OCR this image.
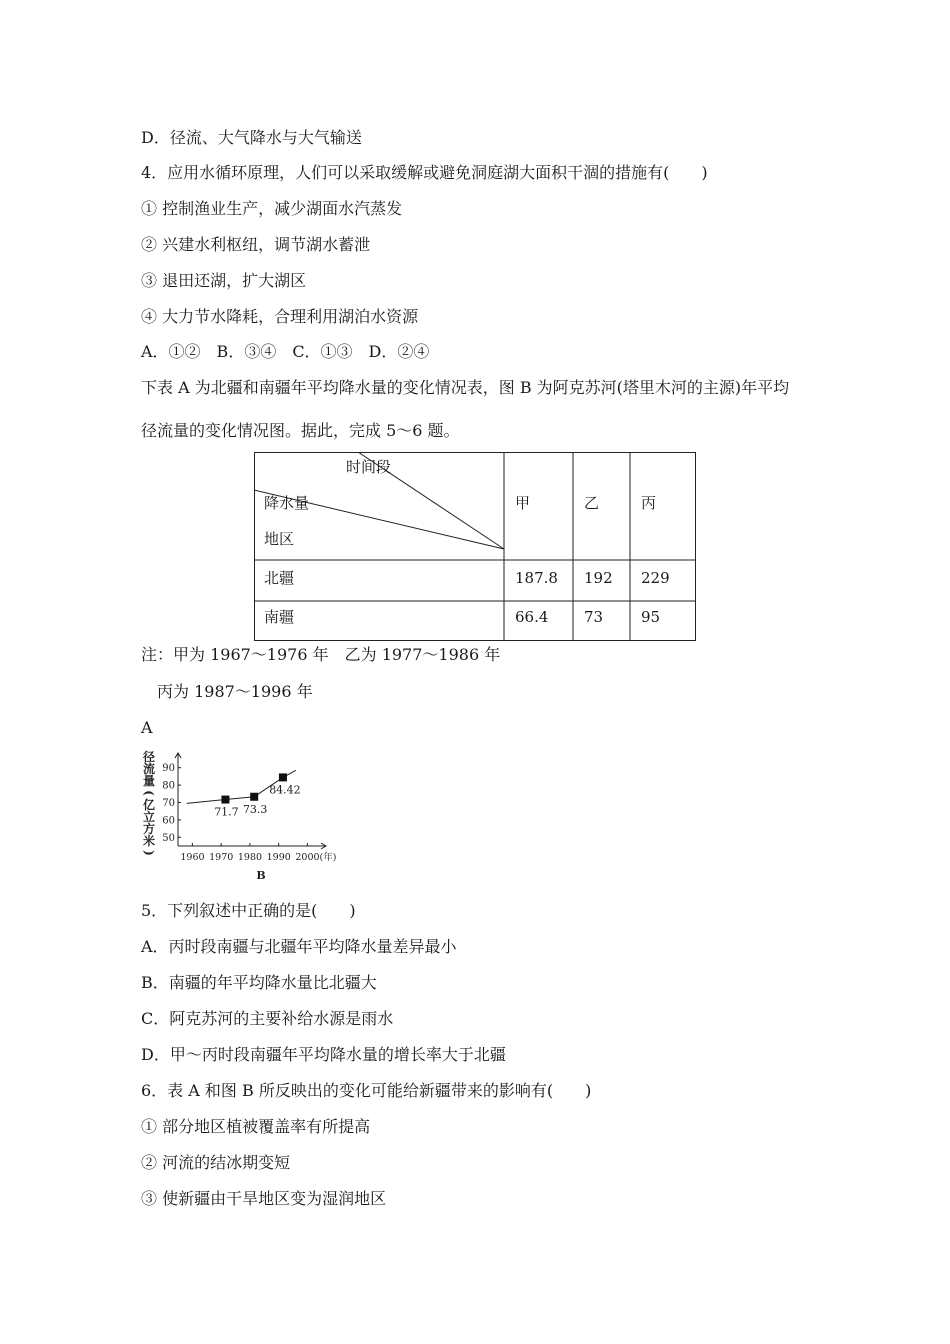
D．径流、大气降水与大气输送
4．应用水循环原理，人们可以采取缓解或避免洞庭湖大面积干涸的措施有(　　)
① 控制渔业生产，减少湖面水汽蒸发
② 兴建水利枢纽，调节湖水蓄泄
③ 退田还湖，扩大湖区
④ 大力节水降耗，合理利用湖泊水资源
A．①②　B．③④　C．①③　D．②④
下表 A 为北疆和南疆年平均降水量的变化情况表，图 B 为阿克苏河(塔里木河的主源)年平均
径流量的变化情况图。据此，完成 5～6 题。
时间段
降水量
地区
甲	乙	丙
北疆	187.8 192 229
南疆	66.4 73	95
注：甲为 1967～1976 年　乙为 1977～1986 年
丙为 1987～1996 年
A
50
60
70
80
90
径
流
量
(
亿
立
方
米
)	1960 1970 1980 1990 2000(年)
71.7 73.3
84.42
B
5．下列叙述中正确的是(　　)
A．丙时段南疆与北疆年平均降水量差异最小
B．南疆的年平均降水量比北疆大
C．阿克苏河的主要补给水源是雨水
D．甲～丙时段南疆年平均降水量的增长率大于北疆
6．表 A 和图 B 所反映出的变化可能给新疆带来的影响有(　　)
① 部分地区植被覆盖率有所提高
② 河流的结冰期变短
③ 使新疆由干旱地区变为湿润地区
